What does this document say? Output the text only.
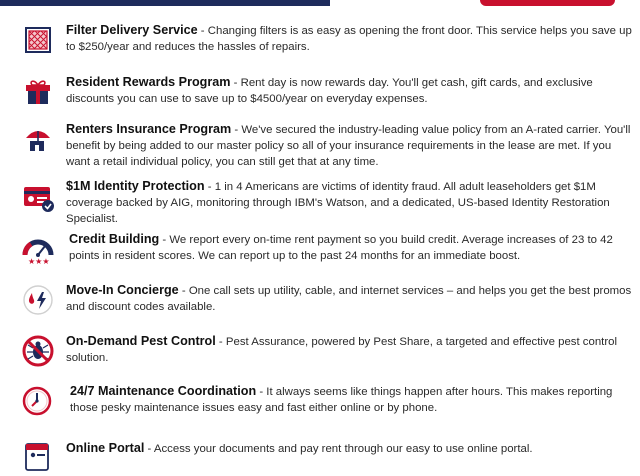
Filter Delivery Service - Changing filters is as easy as opening the front door. This service helps you save up to $250/year and reduces the hassles of repairs.
Resident Rewards Program - Rent day is now rewards day. You'll get cash, gift cards, and exclusive discounts you can use to save up to $4500/year on everyday expenses.
Renters Insurance Program - We've secured the industry-leading value policy from an A-rated carrier. You'll benefit by being added to our master policy so all of your insurance requirements in the lease are met. If you want a retail individual policy, you can still get that at any time.
$1M Identity Protection - 1 in 4 Americans are victims of identity fraud. All adult leaseholders get $1M coverage backed by AIG, monitoring through IBM's Watson, and a dedicated, US-based Identity Restoration Specialist.
★★★
Credit Building - We report every on-time rent payment so you build credit. Average increases of 23 to 42 points in resident scores. We can report up to the past 24 months for an immediate boost.
Move-In Concierge - One call sets up utility, cable, and internet services – and helps you get the best promos and discount codes available.
On-Demand Pest Control - Pest Assurance, powered by Pest Share, a targeted and effective pest control solution.
24/7 Maintenance Coordination - It always seems like things happen after hours. This makes reporting those pesky maintenance issues easy and fast either online or by phone.
Online Portal - Access your documents and pay rent through our easy to use online portal.
